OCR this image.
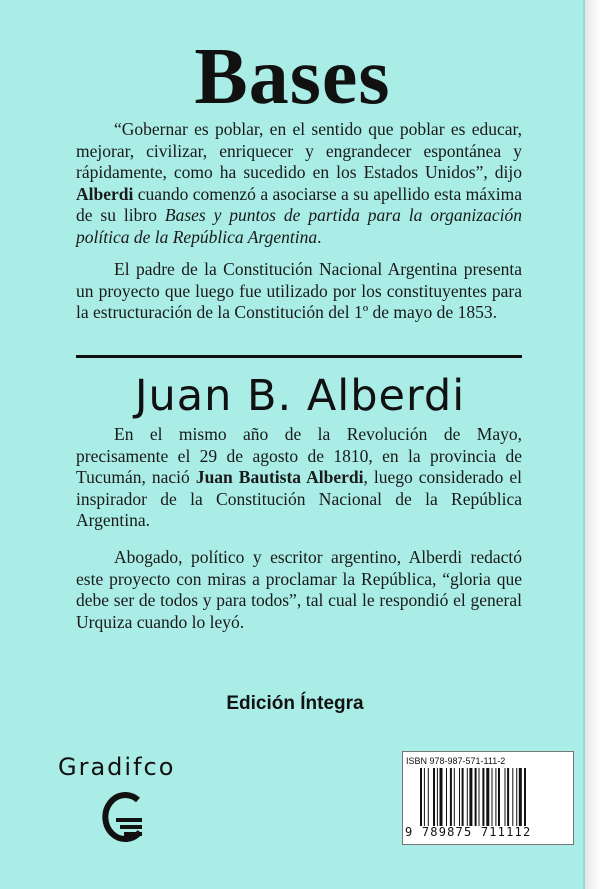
Bases
“Gobernar es poblar, en el sentido que poblar es educar, mejorar, civilizar, enriquecer y engrandecer espontánea y rápidamente, como ha sucedido en los Estados Unidos”, dijo Alberdi cuando comenzó a asociarse a su apellido esta máxima de su libro Bases y puntos de partida para la organización política de la República Argentina.
El padre de la Constitución Nacional Argentina presenta un proyecto que luego fue utilizado por los constituyentes para la estructuración de la Constitución del 1º de mayo de 1853.
Juan B. Alberdi
En el mismo año de la Revolución de Mayo, precisamente el 29 de agosto de 1810, en la provincia de Tucumán, nació Juan Bautista Alberdi, luego considerado el inspirador de la Constitución Nacional de la República Argentina.
Abogado, político y escritor argentino, Alberdi redactó este proyecto con miras a proclamar la República, “gloria que debe ser de todos y para todos”, tal cual le respondió el general Urquiza cuando lo leyó.
Edición Íntegra
Gradifco	ISBN 978-987-571-111-2
9 789875 711112
